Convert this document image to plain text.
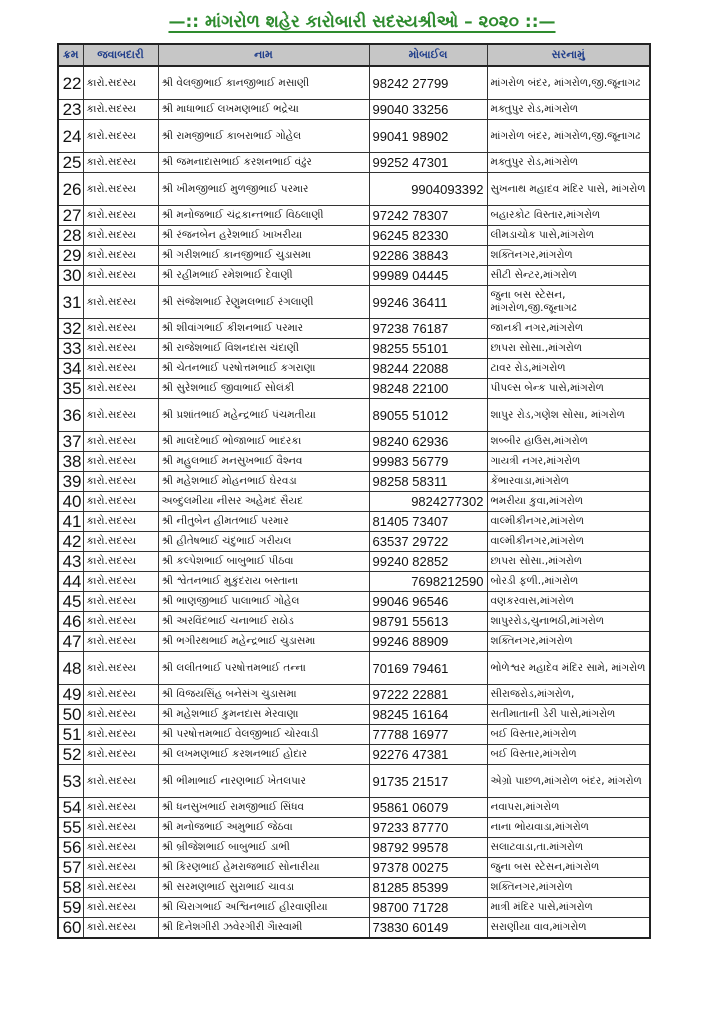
—:: માંગરોળ શહેર કારોબારી સદસ્યશ્રીઓ – ૨૦૨૦ ::—
ક્રમ	જવાબદારી	નામ	મોબાઈલ	સરનામું
22	કારો.સદસ્ય	શ્રી વેલજીભાઈ કાનજીભાઈ મસાણી	98242 27799	માંગરોળ બંદર, માંગરોળ,જી.જૂનાગઢ
23	કારો.સદસ્ય	શ્રી માધાભાઈ લખમણભાઈ ભદ્રેચા	99040 33256	મક્તુપુર રોડ,માંગરોળ
24	કારો.સદસ્ય	શ્રી રામજીભાઈ કાબરાભાઈ ગોહેલ	99041 98902	માંગરોળ બંદર, માંગરોળ,જી.જૂનાગઢ
25	કારો.સદસ્ય	શ્રી જમનાદાસભાઈ કરશનભાઈ વંઢુંર	99252 47301	મક્તુપુર રોડ,માંગરોળ
26	કારો.સદસ્ય	શ્રી ખીમજીભાઈ મુળજીભાઈ પરમાર	9904093392	સુખનાથ મહાદવ મંદિર પાસે, માંગરોળ
27	કારો.સદસ્ય	શ્રી મનોજભાઈ ચંદ્રકાન્તભાઈ વિઠલાણી	97242 78307	બહારકોટ વિસ્તાર,માંગરોળ
28	કારો.સદસ્ય	શ્રી રંજનબેન હરેશભાઈ ખાખરીયા	96245 82330	લીમડાચોક પાસે,માંગરોળ
29	કારો.સદસ્ય	શ્રી ગરીશભાઈ કાનજીભાઈ ચુડાસમા	92286 38843	શક્તિનગર,માંગરોળ
30	કારો.સદસ્ય	શ્રી રહીમભાઈ રમેશભાઈ દેવાણી	99989 04445	સીટી સેન્ટર,માંગરોળ
31	કારો.સદસ્ય	શ્રી સંજેશભાઈ રેણુમલભાઈ રંગલાણી	99246 36411	જુના બસ સ્ટેસન, માંગરોળ,જી.જૂનાગઢ
32	કારો.સદસ્ય	શ્રી શીવાંગભાઈ કીશનભાઈ પરમાર	97238 76187	જાનકી નગર,માંગરોળ
33	કારો.સદસ્ય	શ્રી રાજેશભાઈ વિશનદાસ ચંદાણી	98255 55101	છાપરા સોસા.,માંગરોળ
34	કારો.સદસ્ય	શ્રી ચેતનભાઈ પરષોત્તમભાઈ કગરાણા	98244 22088	ટાવર રોડ,માંગરોળ
35	કારો.સદસ્ય	શ્રી સુરેશભાઈ જીવાભાઈ સોલંકી	98248 22100	પીપલ્સ બેન્ક પાસે,માંગરોળ
36	કારો.સદસ્ય	શ્રી પ્રશાંતભાઈ મહેન્દ્રભાઈ પંચમતીયા	89055 51012	શાપુર રોડ,ગણેશ સોસા, માંગરોળ
37	કારો.સદસ્ય	શ્રી માલદેભાઈ ભોજાભાઈ ભાદરકા	98240 62936	શબ્બીર હાઉસ,માંગરોળ
38	કારો.સદસ્ય	શ્રી મહુલભાઈ મનસુખભાઈ વૈશ્નવ	99983 56779	ગાયત્રી નગર,માંગરોળ
39	કારો.સદસ્ય	શ્રી મહેશભાઈ મોહનભાઈ ઘેરવડા	98258 58311	કેંભારવાડા,માંગરોળ
40	કારો.સદસ્ય	અબ્દુલમીયા નીસર અહેમદ સૈયદ	9824277302	ભમરીયા કુવા,માંગરોળ
41	કારો.સદસ્ય	શ્રી નીતુબેન હીમતભાઈ પરમાર	81405 73407	વાલ્મીકીનગર,માંગરોળ
42	કારો.સદસ્ય	શ્રી હીતેષભાઈ ચંદુભાઈ ગરીયલ	63537 29722	વાલ્મીકીનગર,માંગરોળ
43	કારો.સદસ્ય	શ્રી કલ્પેશભાઈ બાબુભાઈ પીઠવા	99240 82852	છાપરા સોસા.,માંગરોળ
44	કારો.સદસ્ય	શ્રી શ્વેતનભાઈ મુકુંદરાય બસ્તાના	7698212590	બોરડી ફળી.,માંગરોળ
45	કારો.સદસ્ય	શ્રી ભાણજીભાઈ પાલાભાઈ ગોહેલ	99046 96546	વણકરવાસ,માંગરોળ
46	કારો.સદસ્ય	શ્રી અરવિંદભાઈ ચનાભાઈ રાઠોડ	98791 55613	શાપુરરોડ,ચુનાભઠી,માંગરોળ
47	કારો.સદસ્ય	શ્રી ભગીરથભાઈ મહેન્દ્રભાઈ ચુડાસમા	99246 88909	શક્તિનગર,માંગરોળ
48	કારો.સદસ્ય	શ્રી લલીતભાઈ પરષોત્તમભાઈ તન્ના	70169 79461	ભોળેશ્વર મહાદેવ મંદિર સામે, માંગરોળ
49	કારો.સદસ્ય	શ્રી વિજયસિંહ બનેસંગ ચુડાસમા	97222 22881	સીરાજરોડ,માંગરોળ,
50	કારો.સદસ્ય	શ્રી મહેશભાઈ કુમનદાસ મેરવાણા	98245 16164	સતીમાતાની ડેરી પાસે,માંગરોળ
51	કારો.સદસ્ય	શ્રી પરષોત્તમભાઈ વેલજીભાઈ ચોરવાડી	77788 16977	બઈ વિસ્તાર,માંગરોળ
52	કારો.સદસ્ય	શ્રી લખમણભાઈ કરશનભાઈ હોદાર	92276 47381	બઈ વિસ્તાર,માંગરોળ
53	કારો.સદસ્ય	શ્રી ભીમાભાઈ નારણભાઈ ખેતલપાર	91735 21517	એગ્રો પાછળ,માંગરોળ બંદર, માંગરોળ
54	કારો.સદસ્ય	શ્રી ધનસુખભાઈ રામજીભાઈ સિંધવ	95861 06079	નવાપરા,માંગરોળ
55	કારો.સદસ્ય	શ્રી મનોજભાઈ અમુભાઈ જેઠવા	97233 87770	નાના ભોયવાડા,માંગરોળ
56	કારો.સદસ્ય	શ્રી બ્રીજેશભાઈ બાબુભાઈ ડાભી	98792 99578	સલાટવાડા,તા.માંગરોળ
57	કારો.સદસ્ય	શ્રી કિરણભાઈ હેમરાજભાઈ સોનારીયા	97378 00275	જુના બસ સ્ટેસન,માંગરોળ
58	કારો.સદસ્ય	શ્રી સરમણભાઈ સુરાભાઈ ચાવડા	81285 85399	શક્તિનગર,માંગરોળ
59	કારો.સદસ્ય	શ્રી ચિરાગભાઈ અશ્વિનભાઈ હીરવાણીયા	98700 71728	માત્રી મંદિર પાસે,માંગરોળ
60	કારો.સદસ્ય	શ્રી દિનેશગીરી ઝવેરગીરી ગૈાસ્વામી	73830 60149	સરાણીયા વાવ,માંગરોળ
